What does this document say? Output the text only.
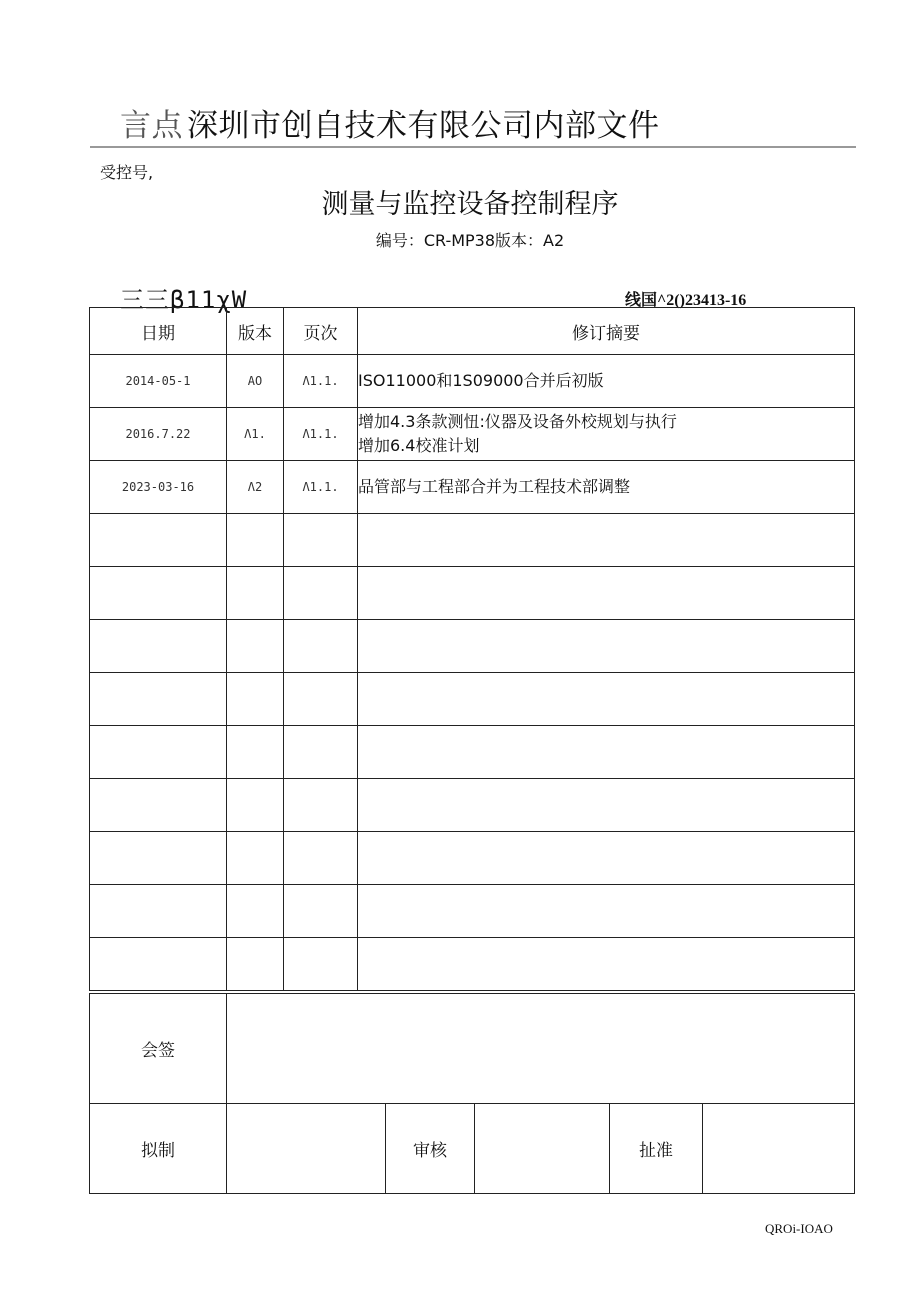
言点 深圳市创自技术有限公司内部文件
受控号,
测量与监控设备控制程序
编号：CR-MP38版本：A2
三三β11χW	线国^2()23413-16
日期	版本	页次	修订摘要
2014-05-1	AO	Λ1.1.	ISO11000和1S09000合并后初版

2016.7.22	Λ1.	Λ1.1.	增加4.3条款测忸:仪器及设备外校规划与执行
增加6.4校准计划

2023-03-16	Λ2	Λ1.1.	品管部与工程部合并为工程技术部调整

会签					
拟制		审核		扯准	
QROi-IOAO
